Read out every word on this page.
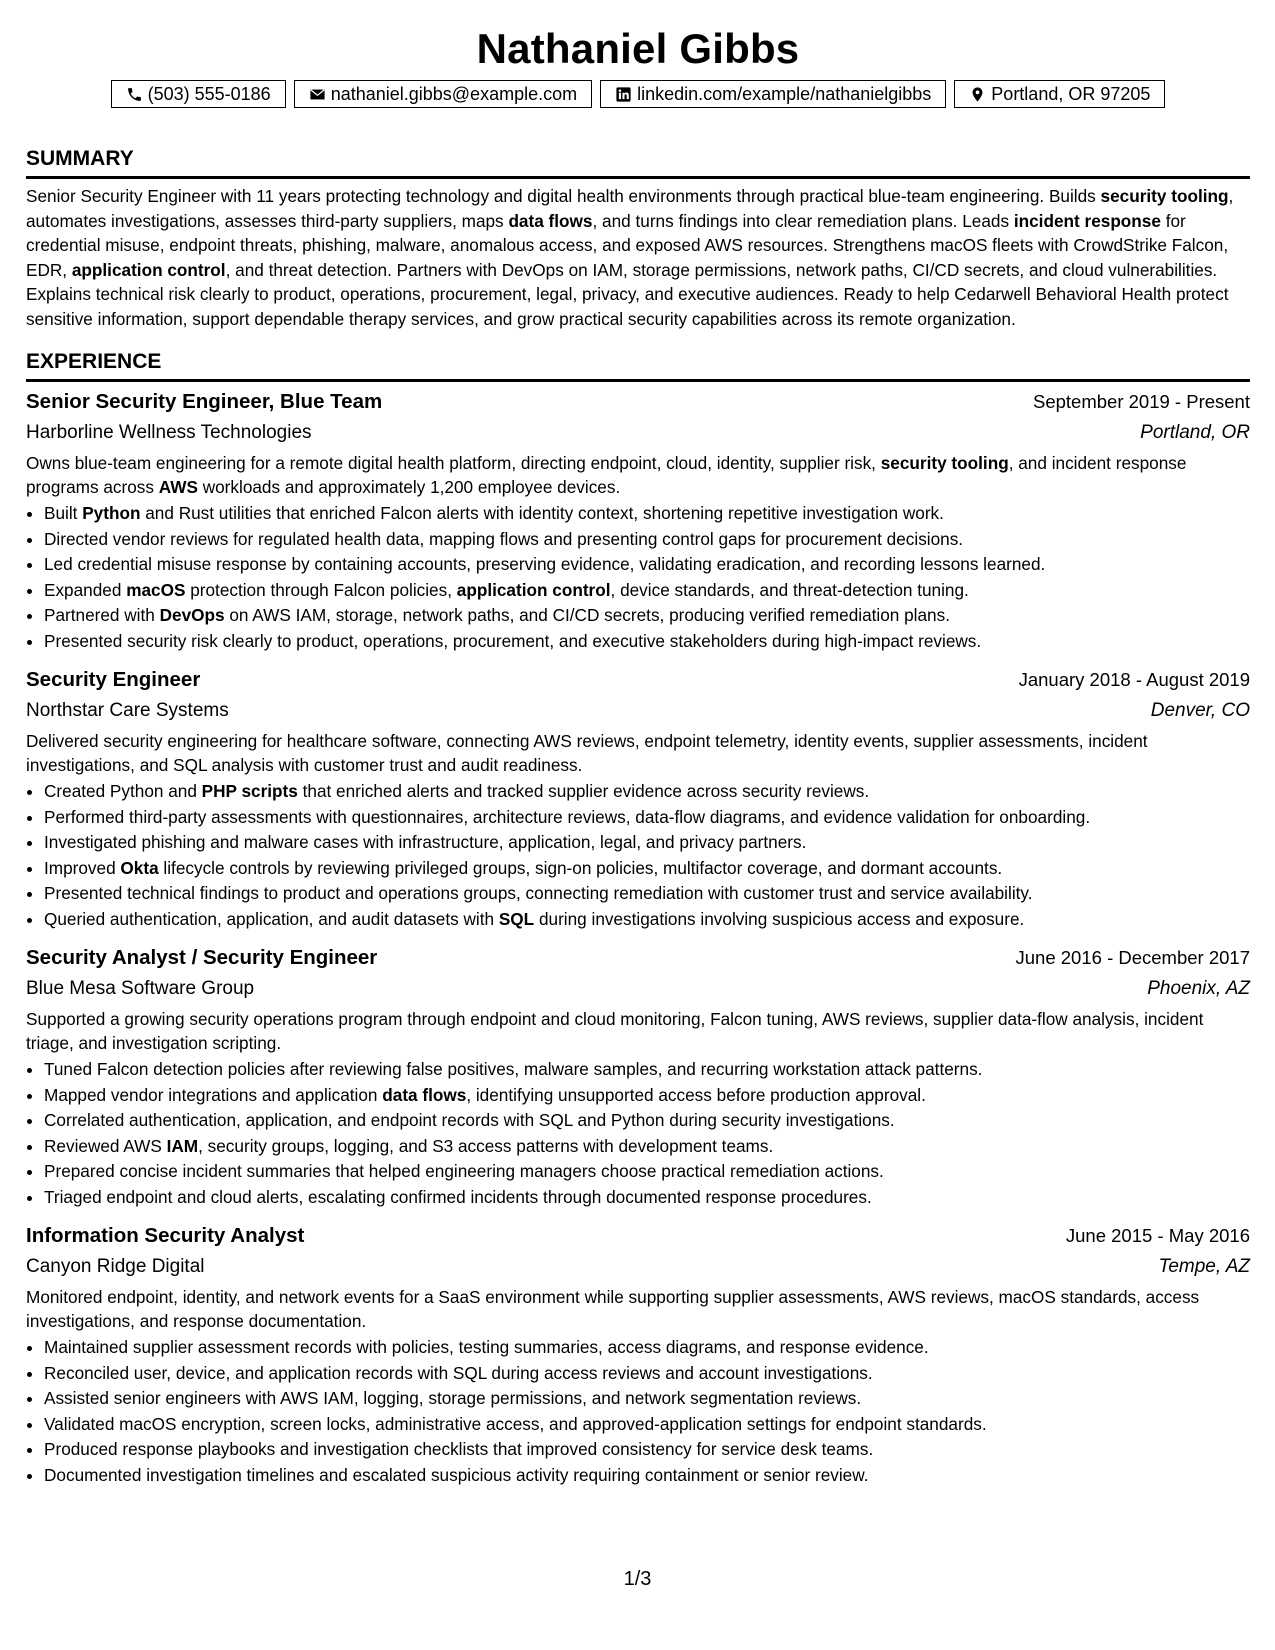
Nathaniel Gibbs
(503) 555-0186	nathaniel.gibbs@example.com	linkedin.com/example/nathanielgibbs	Portland, OR 97205
SUMMARY
Senior Security Engineer with 11 years protecting technology and digital health environments through practical blue-team engineering. Builds security tooling, automates investigations, assesses third-party suppliers, maps data flows, and turns findings into clear remediation plans. Leads incident response for credential misuse, endpoint threats, phishing, malware, anomalous access, and exposed AWS resources. Strengthens macOS fleets with CrowdStrike Falcon, EDR, application control, and threat detection. Partners with DevOps on IAM, storage permissions, network paths, CI/CD secrets, and cloud vulnerabilities. Explains technical risk clearly to product, operations, procurement, legal, privacy, and executive audiences. Ready to help Cedarwell Behavioral Health protect sensitive information, support dependable therapy services, and grow practical security capabilities across its remote organization.
EXPERIENCE
Senior Security Engineer, Blue Team	September 2019 - Present
Harborline Wellness Technologies	Portland, OR
Owns blue-team engineering for a remote digital health platform, directing endpoint, cloud, identity, supplier risk, security tooling, and incident response programs across AWS workloads and approximately 1,200 employee devices.
• Built Python and Rust utilities that enriched Falcon alerts with identity context, shortening repetitive investigation work.
• Directed vendor reviews for regulated health data, mapping flows and presenting control gaps for procurement decisions.
• Led credential misuse response by containing accounts, preserving evidence, validating eradication, and recording lessons learned.
• Expanded macOS protection through Falcon policies, application control, device standards, and threat-detection tuning.
• Partnered with DevOps on AWS IAM, storage, network paths, and CI/CD secrets, producing verified remediation plans.
• Presented security risk clearly to product, operations, procurement, and executive stakeholders during high-impact reviews.
Security Engineer	January 2018 - August 2019
Northstar Care Systems	Denver, CO
Delivered security engineering for healthcare software, connecting AWS reviews, endpoint telemetry, identity events, supplier assessments, incident investigations, and SQL analysis with customer trust and audit readiness.
• Created Python and PHP scripts that enriched alerts and tracked supplier evidence across security reviews.
• Performed third-party assessments with questionnaires, architecture reviews, data-flow diagrams, and evidence validation for onboarding.
• Investigated phishing and malware cases with infrastructure, application, legal, and privacy partners.
• Improved Okta lifecycle controls by reviewing privileged groups, sign-on policies, multifactor coverage, and dormant accounts.
• Presented technical findings to product and operations groups, connecting remediation with customer trust and service availability.
• Queried authentication, application, and audit datasets with SQL during investigations involving suspicious access and exposure.
Security Analyst / Security Engineer	June 2016 - December 2017
Blue Mesa Software Group	Phoenix, AZ
Supported a growing security operations program through endpoint and cloud monitoring, Falcon tuning, AWS reviews, supplier data-flow analysis, incident triage, and investigation scripting.
• Tuned Falcon detection policies after reviewing false positives, malware samples, and recurring workstation attack patterns.
• Mapped vendor integrations and application data flows, identifying unsupported access before production approval.
• Correlated authentication, application, and endpoint records with SQL and Python during security investigations.
• Reviewed AWS IAM, security groups, logging, and S3 access patterns with development teams.
• Prepared concise incident summaries that helped engineering managers choose practical remediation actions.
• Triaged endpoint and cloud alerts, escalating confirmed incidents through documented response procedures.
Information Security Analyst	June 2015 - May 2016
Canyon Ridge Digital	Tempe, AZ
Monitored endpoint, identity, and network events for a SaaS environment while supporting supplier assessments, AWS reviews, macOS standards, access investigations, and response documentation.
• Maintained supplier assessment records with policies, testing summaries, access diagrams, and response evidence.
• Reconciled user, device, and application records with SQL during access reviews and account investigations.
• Assisted senior engineers with AWS IAM, logging, storage permissions, and network segmentation reviews.
• Validated macOS encryption, screen locks, administrative access, and approved-application settings for endpoint standards.
• Produced response playbooks and investigation checklists that improved consistency for service desk teams.
• Documented investigation timelines and escalated suspicious activity requiring containment or senior review.
1/3
